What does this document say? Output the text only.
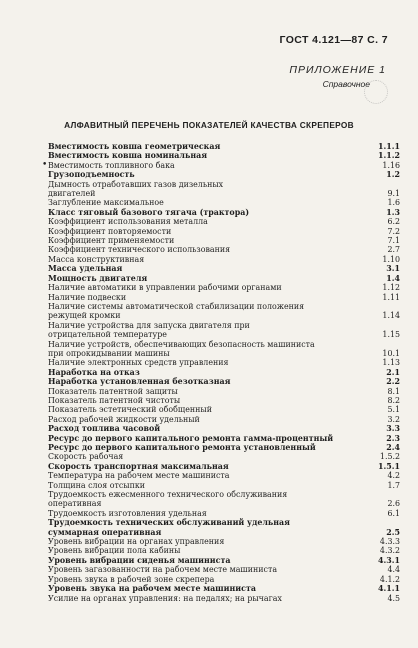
ГОСТ 4.121—87 С. 7
ПРИЛОЖЕНИЕ 1
Справочное
АЛФАВИТНЫЙ ПЕРЕЧЕНЬ ПОКАЗАТЕЛЕЙ КАЧЕСТВА СКРЕПЕРОВ
Вместимость ковша геометрическая	1.1.1
Вместимость ковша номинальная	1.1.2
• Вместимость топливного бака	1.16
Грузоподъемность	1.2
Дымность отработавших газов дизельных
двигателей	9.1
Заглубление максимальное	1.6
Класс тяговый базового тягача (трактора)	1.3
Коэффициент использования металла	6.2
Коэффициент повторяемости	7.2
Коэффициент применяемости	7.1
Коэффициент технического использования	2.7
Масса конструктивная	1.10
Масса удельная	3.1
Мощность двигателя	1.4
Наличие автоматики в управлении рабочими органами	1.12
Наличие подвески	1.11
Наличие системы автоматической стабилизации положения
режущей кромки	1.14
Наличие устройства для запуска двигателя при
отрицательной температуре	1.15
Наличие устройств, обеспечивающих безопасность машиниста
при опрокидывании машины	10.1
Наличие электронных средств управления	1.13
Наработка на отказ	2.1
Наработка установленная безотказная	2.2
Показатель патентной защиты	8.1
Показатель патентной чистоты	8.2
Показатель эстетический обобщенный	5.1
Расход рабочей жидкости удельный	3.2
Расход топлива часовой	3.3
Ресурс до первого капитального ремонта гамма-процентный	2.3
Ресурс до первого капитального ремонта установленный	2.4
Скорость рабочая	1.5.2
Скорость транспортная максимальная	1.5.1
Температура на рабочем месте машиниста	4.2
Толщина слоя отсыпки	1.7
Трудоемкость ежесменного технического обслуживания
оперативная	2.6
Трудоемкость изготовления удельная	6.1
Трудоемкость технических обслуживаний удельная
суммарная оперативная	2.5
Уровень вибрации на органах управления	4.3.3
Уровень вибрации пола кабины	4.3.2
Уровень вибрации сиденья машиниста	4.3.1
Уровень загазованности на рабочем месте машиниста	4.4
Уровень звука в рабочей зоне скрепера	4.1.2
Уровень звука на рабочем месте машиниста	4.1.1
Усилие на органах управления: на педалях; на рычагах	4.5
